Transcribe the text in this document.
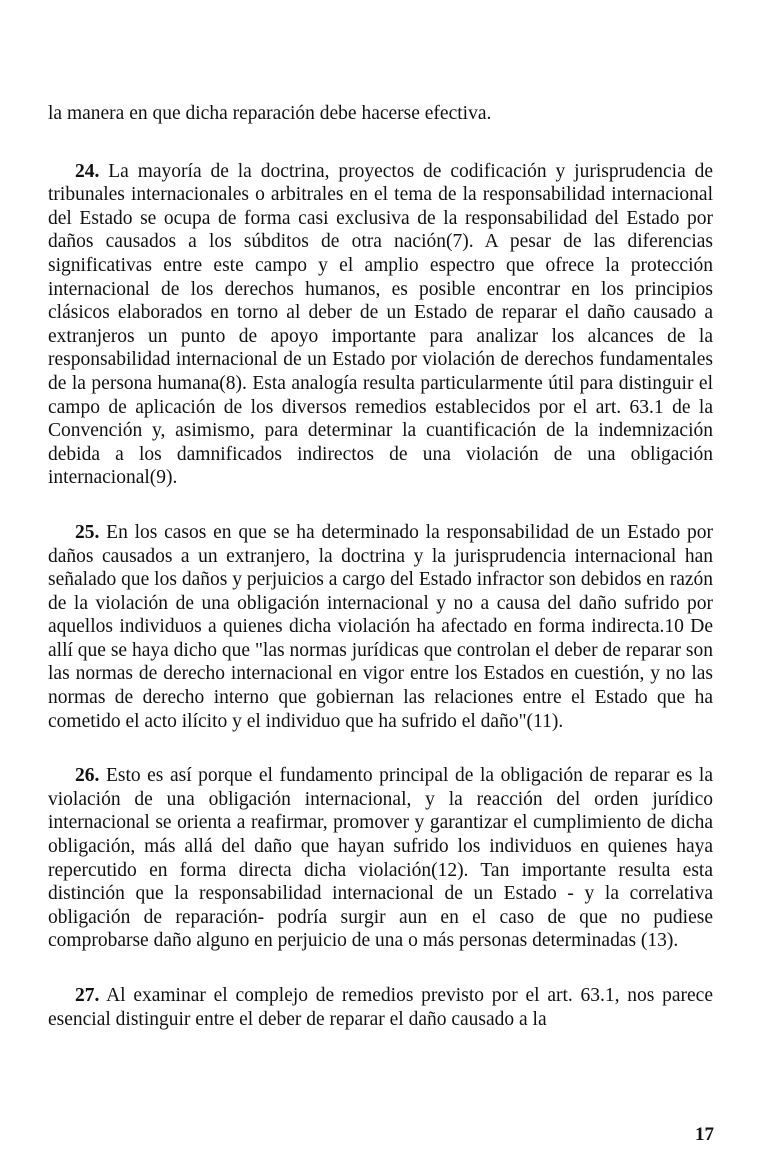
la manera en que dicha reparación debe hacerse efectiva.

24. La mayoría de la doctrina, proyectos de codificación y jurisprudencia de tribunales internacionales o arbitrales en el tema de la responsabilidad internacional del Estado se ocupa de forma casi exclusiva de la responsabilidad del Estado por daños causados a los súbditos de otra nación(7). A pesar de las diferencias significativas entre este campo y el amplio espectro que ofrece la protección internacional de los derechos humanos, es posible encontrar en los principios clásicos elaborados en torno al deber de un Estado de reparar el daño causado a extranjeros un punto de apoyo importante para analizar los alcances de la responsabilidad internacional de un Estado por violación de derechos fundamentales de la persona humana(8). Esta analogía resulta particularmente útil para distinguir el campo de aplicación de los diversos remedios establecidos por el art. 63.1 de la Convención y, asimismo, para determinar la cuantificación de la indemnización debida a los damnificados indirectos de una violación de una obligación internacional(9).

25. En los casos en que se ha determinado la responsabilidad de un Estado por daños causados a un extranjero, la doctrina y la jurisprudencia internacional han señalado que los daños y perjuicios a cargo del Estado infractor son debidos en razón de la violación de una obligación internacional y no a causa del daño sufrido por aquellos individuos a quienes dicha violación ha afectado en forma indirecta.10 De allí que se haya dicho que "las normas jurídicas que controlan el deber de reparar son las normas de derecho internacional en vigor entre los Estados en cuestión, y no las normas de derecho interno que gobiernan las relaciones entre el Estado que ha cometido el acto ilícito y el individuo que ha sufrido el daño"(11).

26. Esto es así porque el fundamento principal de la obligación de reparar es la violación de una obligación internacional, y la reacción del orden jurídico internacional se orienta a reafirmar, promover y garantizar el cumplimiento de dicha obligación, más allá del daño que hayan sufrido los individuos en quienes haya repercutido en forma directa dicha violación(12). Tan importante resulta esta distinción que la responsabilidad internacional de un Estado - y la correlativa obligación de reparación- podría surgir aun en el caso de que no pudiese comprobarse daño alguno en perjuicio de una o más personas determinadas (13).

27. Al examinar el complejo de remedios previsto por el art. 63.1, nos parece esencial distinguir entre el deber de reparar el daño causado a la

17
